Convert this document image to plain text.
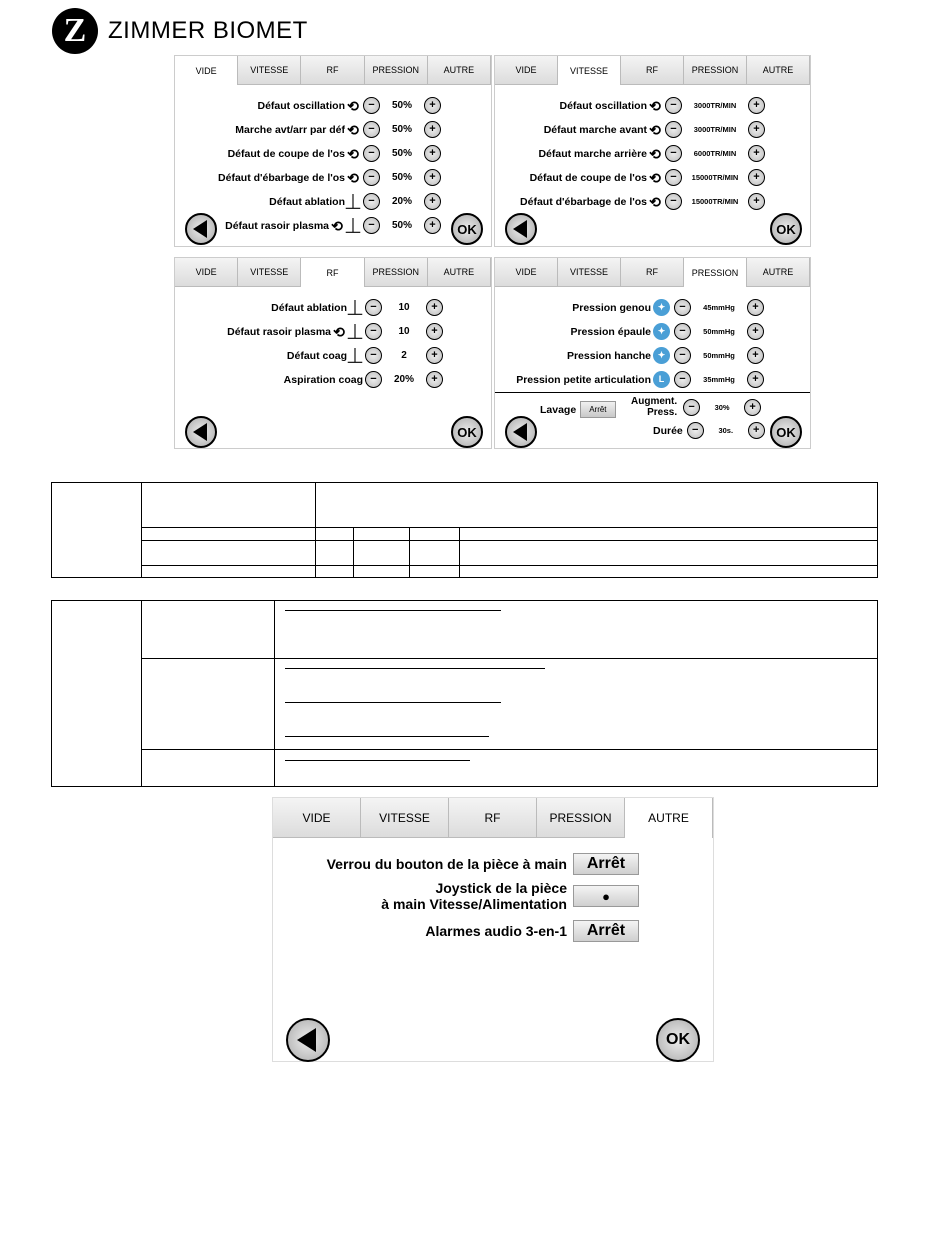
Z ZIMMER BIOMET
VIDE	VITESSE	RF	PRESSION	AUTRE
Défaut oscillation ⟲ −	50%	+
Marche avt/arr par déf ⟲ −	50%	+
Défaut de coupe de l'os ⟲ −	50%	+
Défaut d'ébarbage de l'os ⟲ −	50%	+
Défaut ablation ⏊ −	20%	+
Défaut rasoir plasma ⟲ ⏊ −	50%	+	OK
VIDE	VITESSE	RF	PRESSION	AUTRE
Défaut oscillation ⟲ −	3000TR/MIN	+
Défaut marche avant ⟲ −	3000TR/MIN	+
Défaut marche arrière ⟲ −	6000TR/MIN	+
Défaut de coupe de l'os ⟲ −	15000TR/MIN	+
Défaut d'ébarbage de l'os ⟲ −	15000TR/MIN	+
OK
VIDE	VITESSE	RF	PRESSION	AUTRE
Défaut ablation ⏊ −	10	+
Défaut rasoir plasma ⟲ ⏊ −	10	+
Défaut coag ⏊ −	2	+
Aspiration coag −	20%	+
OK
VIDE	VITESSE	RF	PRESSION	AUTRE
Pression genou ✦	−	45mmHg	+
Pression épaule ✦	−	50mmHg	+
Pression hanche ✦	−	50mmHg	+
Pression petite articulation L	−	35mmHg	+
Lavage	Arrêt
Augment.
Press.	−	30%	+
Durée −	30s.	+	OK

VIDE	VITESSE	RF	PRESSION	AUTRE
Verrou du bouton de la pièce à main	Arrêt
Joystick de la pièce
à main Vitesse/Alimentation	●
Alarmes audio 3-en-1	Arrêt
OK
